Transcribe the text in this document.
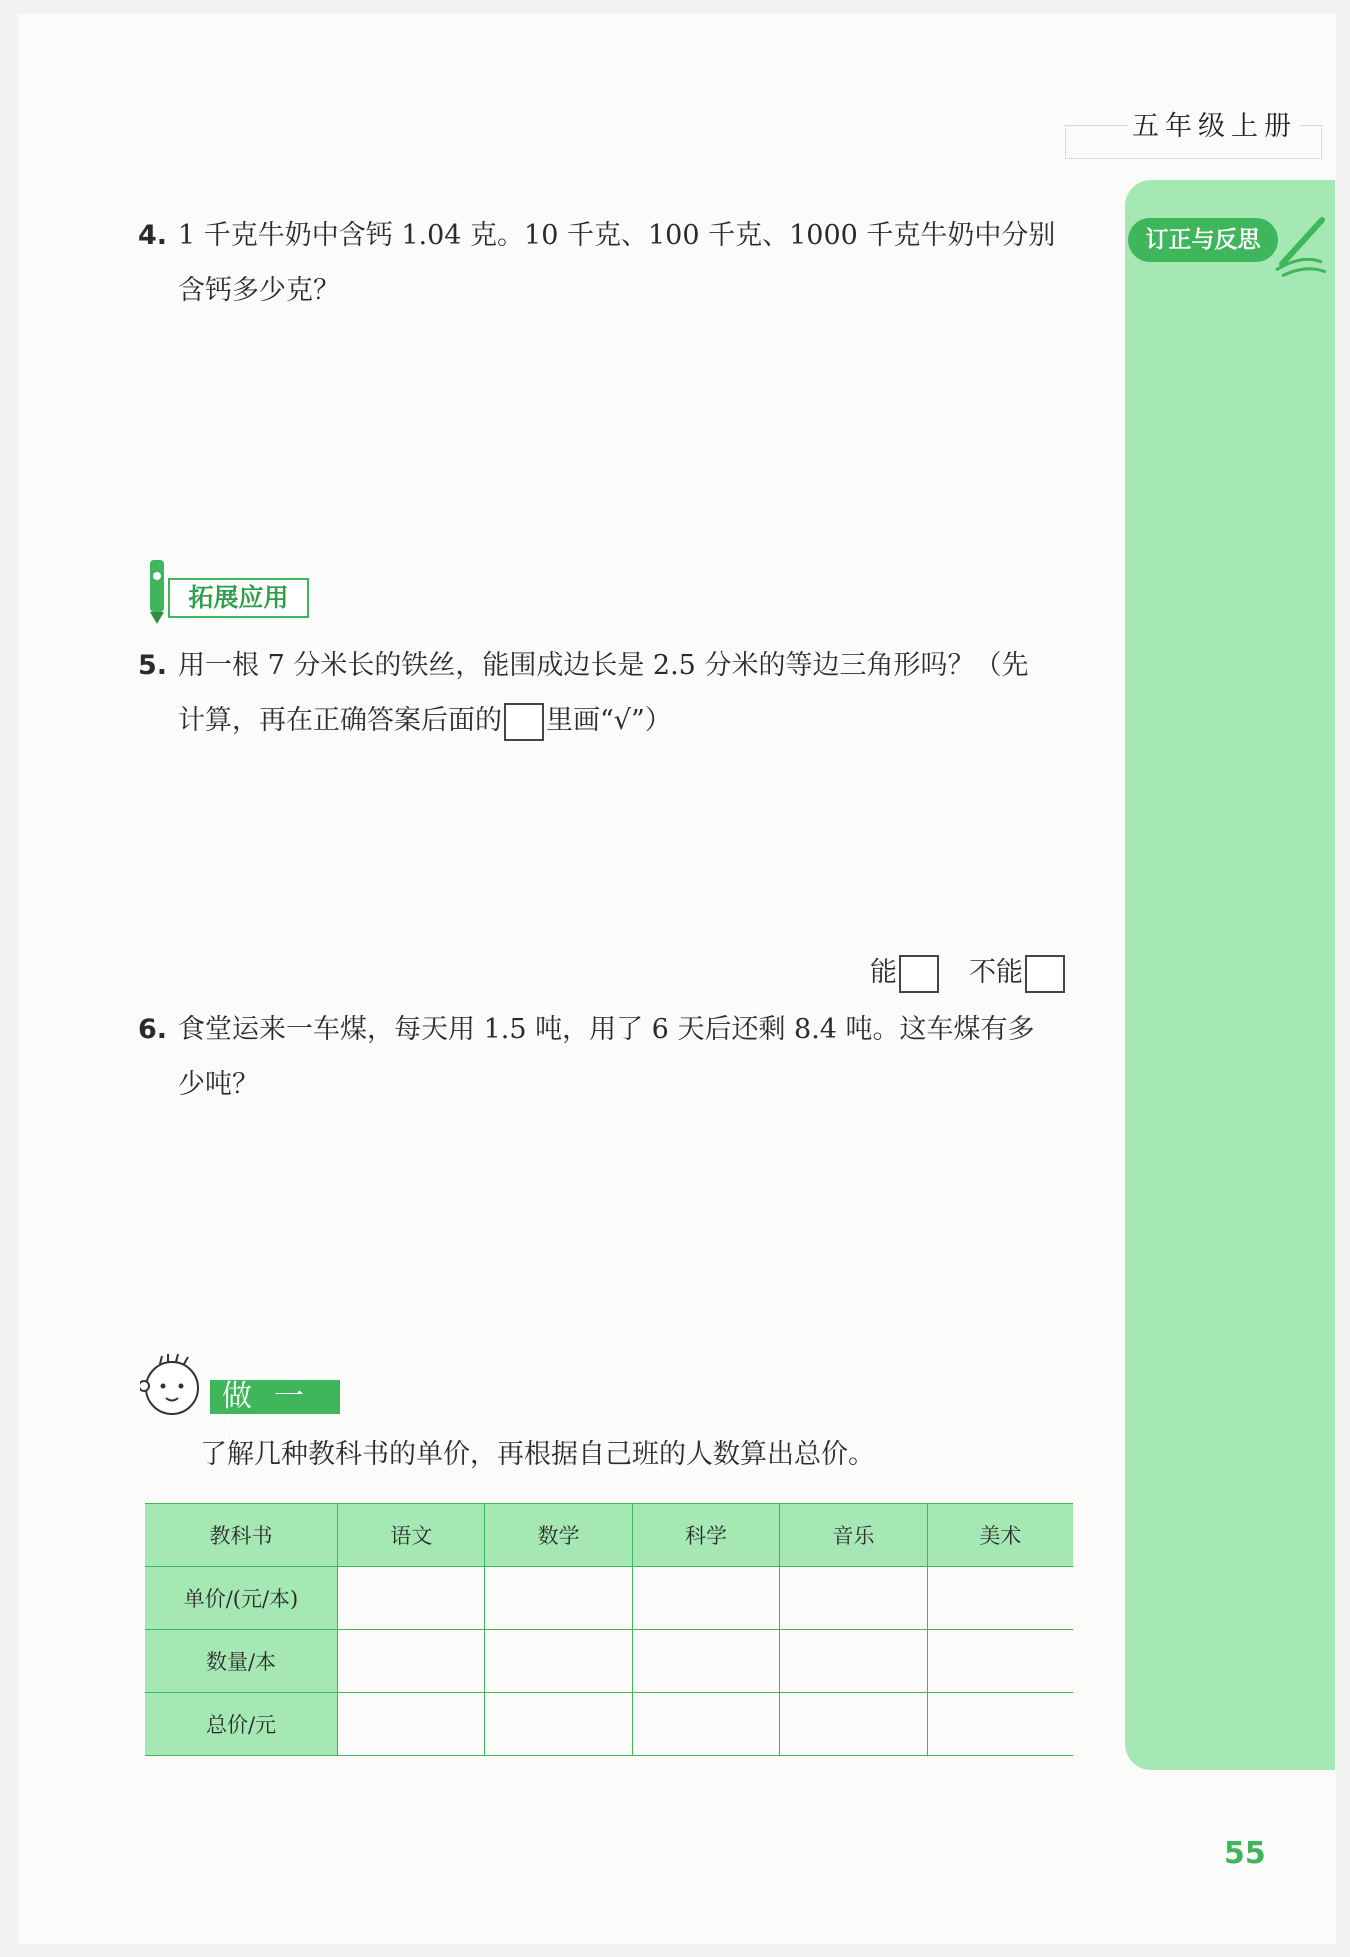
五年级上册
订正与反思
4. 1 千克牛奶中含钙 1.04 克。10 千克、100 千克、1000 千克牛奶中分别
含钙多少克？
拓展应用
5. 用一根 7 分米长的铁丝，能围成边长是 2.5 分米的等边三角形吗？（先
计算，再在正确答案后面的 里画“√”）
能	不能
6. 食堂运来一车煤，每天用 1.5 吨，用了 6 天后还剩 8.4 吨。这车煤有多
少吨？
做一做
了解几种教科书的单价，再根据自己班的人数算出总价。
教科书	语文	数学	科学	音乐	美术
单价/(元/本)					
数量/本					
总价/元					
55
